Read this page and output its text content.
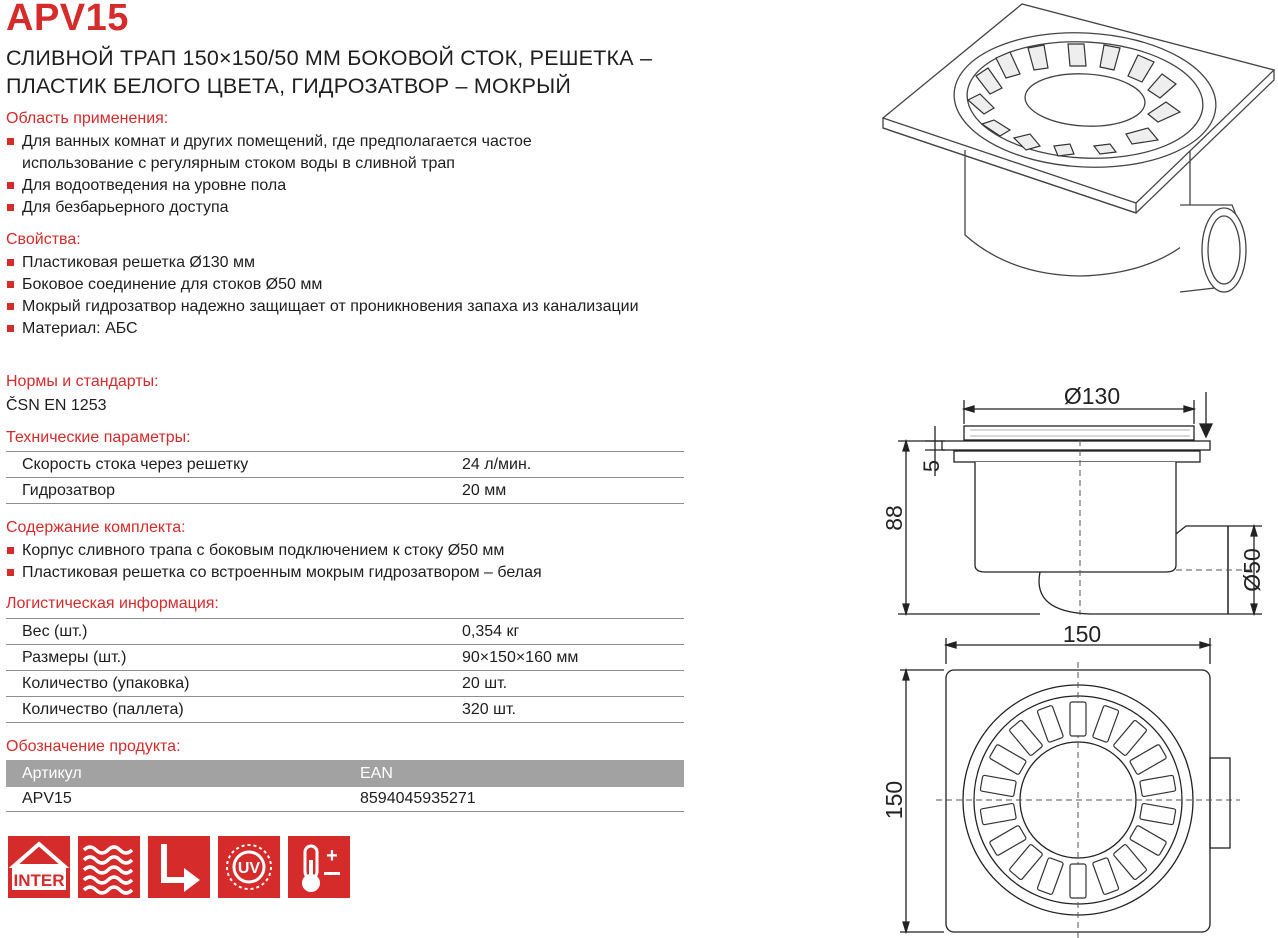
APV15
СЛИВНОЙ ТРАП 150×150/50 ММ БОКОВОЙ СТОК, РЕШЕТКА – ПЛАСТИК БЕЛОГО ЦВЕТА, ГИДРОЗАТВОР – МОКРЫЙ
Область применения:
Для ванных комнат и других помещений, где предполагается частое использование с регулярным стоком воды в сливной трап
Для водоотведения на уровне пола
Для безбарьерного доступа
Свойства:
Пластиковая решетка Ø130 мм
Боковое соединение для стоков Ø50 мм
Мокрый гидрозатвор надежно защищает от проникновения запаха из канализации
Материал: АБС
Нормы и стандарты:
ČSN EN 1253
Технические параметры:
Скорость стока через решетку	24 л/мин.
Гидрозатвор	20 мм
Содержание комплекта:
Корпус сливного трапа с боковым подключением к стоку Ø50 мм
Пластиковая решетка со встроенным мокрым гидрозатвором – белая
Логистическая информация:
Вес (шт.)	0,354 кг
Размеры (шт.)	90×150×160 мм
Количество (упаковка)	20 шт.
Количество (паллета)	320 шт.
Обозначение продукта:
Артикул	EAN
APV15	8594045935271
INTER
UV
+
Ø130
5
88
Ø50
150
150
